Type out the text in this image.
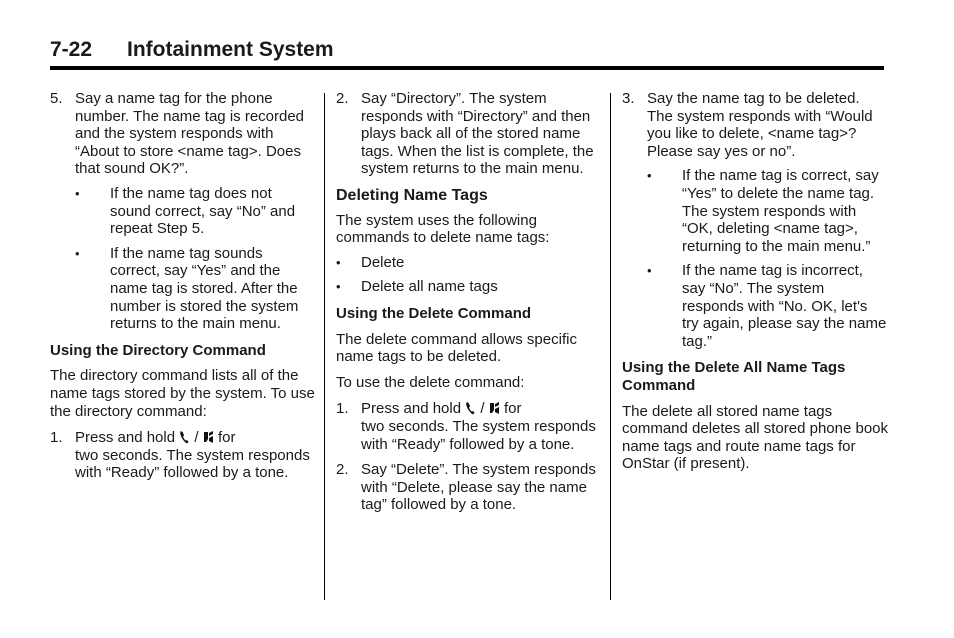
7-22 Infotainment System
5. Say a name tag for the phone number. The name tag is recorded and the system responds with “About to store <name tag>. Does that sound OK?”.
• If the name tag does not sound correct, say “No” and repeat Step 5.
• If the name tag sounds correct, say “Yes” and the name tag is stored. After the number is stored the system returns to the main menu.

Using the Directory Command

The directory command lists all of the name tags stored by the system. To use the directory command:

1. Press and hold / for
two seconds. The system responds with “Ready” followed by a tone.
2. Say “Directory”. The system responds with “Directory” and then plays back all of the stored name tags. When the list is complete, the system returns to the main menu.

Deleting Name Tags

The system uses the following commands to delete name tags:

• Delete
• Delete all name tags

Using the Delete Command

The delete command allows specific name tags to be deleted.

To use the delete command:

1. Press and hold / for
two seconds. The system responds with “Ready” followed by a tone.
2. Say “Delete”. The system responds with “Delete, please say the name tag” followed by a tone.
3. Say the name tag to be deleted. The system responds with “Would you like to delete, <name tag>? Please say yes or no”.
• If the name tag is correct, say “Yes” to delete the name tag. The system responds with “OK, deleting <name tag>, returning to the main menu.”
• If the name tag is incorrect, say “No”. The system responds with “No. OK, let's try again, please say the name tag.”

Using the Delete All Name Tags Command

The delete all stored name tags command deletes all stored phone book name tags and route name tags for OnStar (if present).
